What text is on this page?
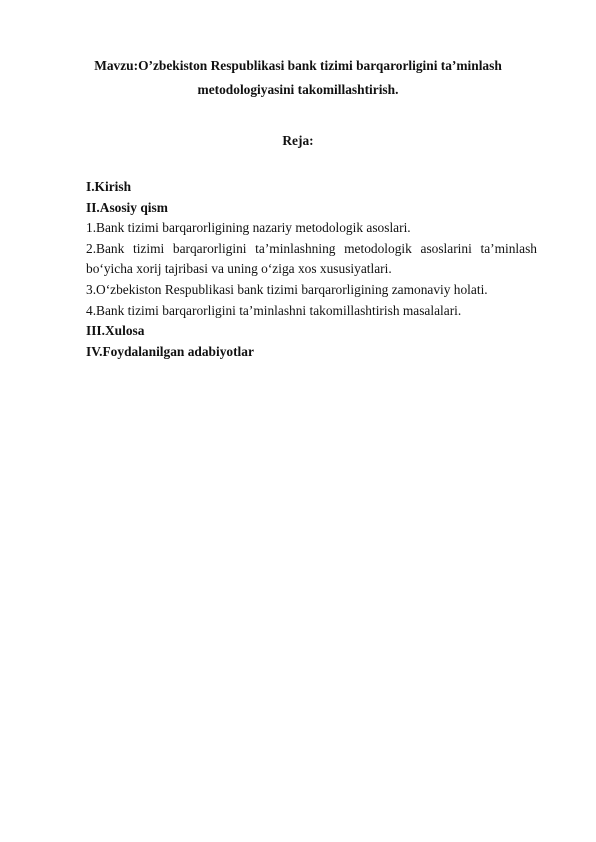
Mavzu:O’zbekiston Respublikasi bank tizimi barqarorligini ta’minlash
metodologiyasini takomillashtirish.
Reja:
I.Kirish
II.Asosiy qism
1.Bank tizimi barqarorligining nazariy metodologik asoslari.
2.Bank tizimi barqarorligini ta’minlashning metodologik asoslarini ta’minlash
bo‘yicha xorij tajribasi va uning o‘ziga xos xususiyatlari.
3.O‘zbekiston Respublikasi bank tizimi barqarorligining zamonaviy holati.
4.Bank tizimi barqarorligini ta’minlashni takomillashtirish masalalari.
III.Xulosa
IV.Foydalanilgan adabiyotlar
